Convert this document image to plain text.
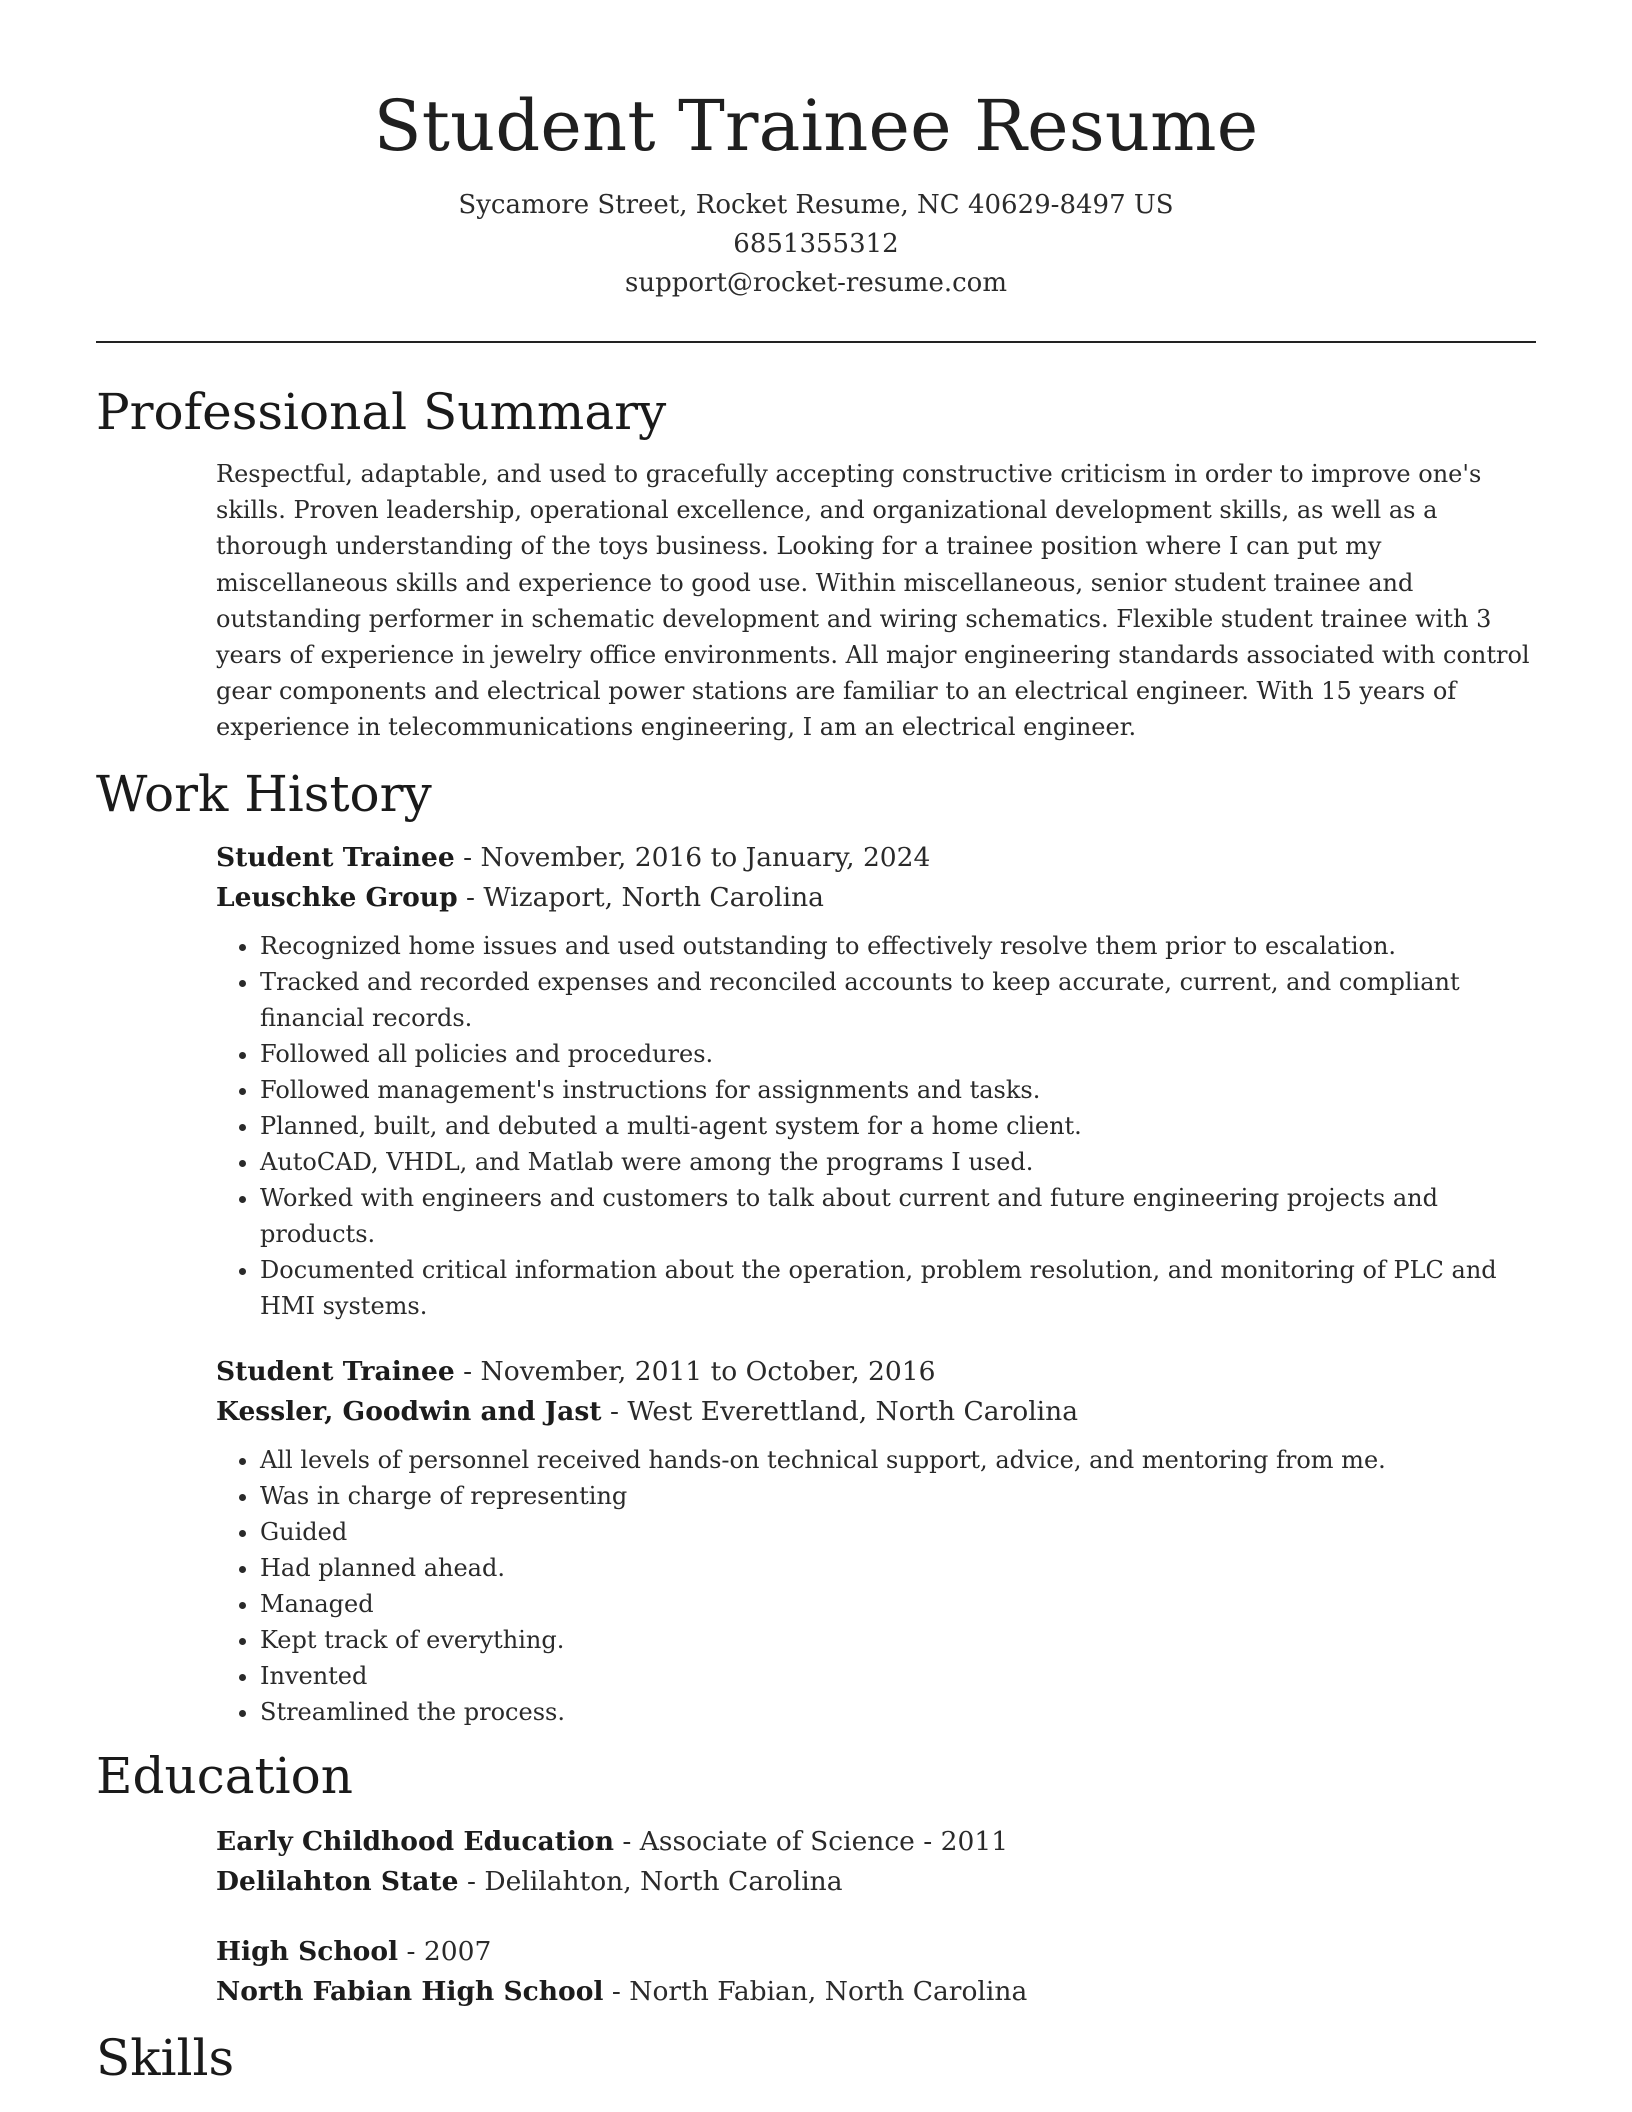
Student Trainee Resume
Sycamore Street, Rocket Resume, NC 40629-8497 US
6851355312
support@rocket-resume.com
Professional Summary

Respectful, adaptable, and used to gracefully accepting constructive criticism in order to improve one's skills. Proven leadership, operational excellence, and organizational development skills, as well as a thorough understanding of the toys business. Looking for a trainee position where I can put my miscellaneous skills and experience to good use. Within miscellaneous, senior student trainee and outstanding performer in schematic development and wiring schematics. Flexible student trainee with 3 years of experience in jewelry office environments. All major engineering standards associated with control gear components and electrical power stations are familiar to an electrical engineer. With 15 years of experience in telecommunications engineering, I am an electrical engineer.

Work History
Student Trainee - November, 2016 to January, 2024
Leuschke Group - Wizaport, North Carolina
• Recognized home issues and used outstanding to effectively resolve them prior to escalation.
• Tracked and recorded expenses and reconciled accounts to keep accurate, current, and compliant financial records.
• Followed all policies and procedures.
• Followed management's instructions for assignments and tasks.
• Planned, built, and debuted a multi-agent system for a home client.
• AutoCAD, VHDL, and Matlab were among the programs I used.
• Worked with engineers and customers to talk about current and future engineering projects and products.
• Documented critical information about the operation, problem resolution, and monitoring of PLC and HMI systems.
Student Trainee - November, 2011 to October, 2016
Kessler, Goodwin and Jast - West Everettland, North Carolina
• All levels of personnel received hands-on technical support, advice, and mentoring from me.
• Was in charge of representing
• Guided
• Had planned ahead.
• Managed
• Kept track of everything.
• Invented
• Streamlined the process.
Education
Early Childhood Education - Associate of Science - 2011
Delilahton State - Delilahton, North Carolina
High School - 2007
North Fabian High School - North Fabian, North Carolina
Skills
